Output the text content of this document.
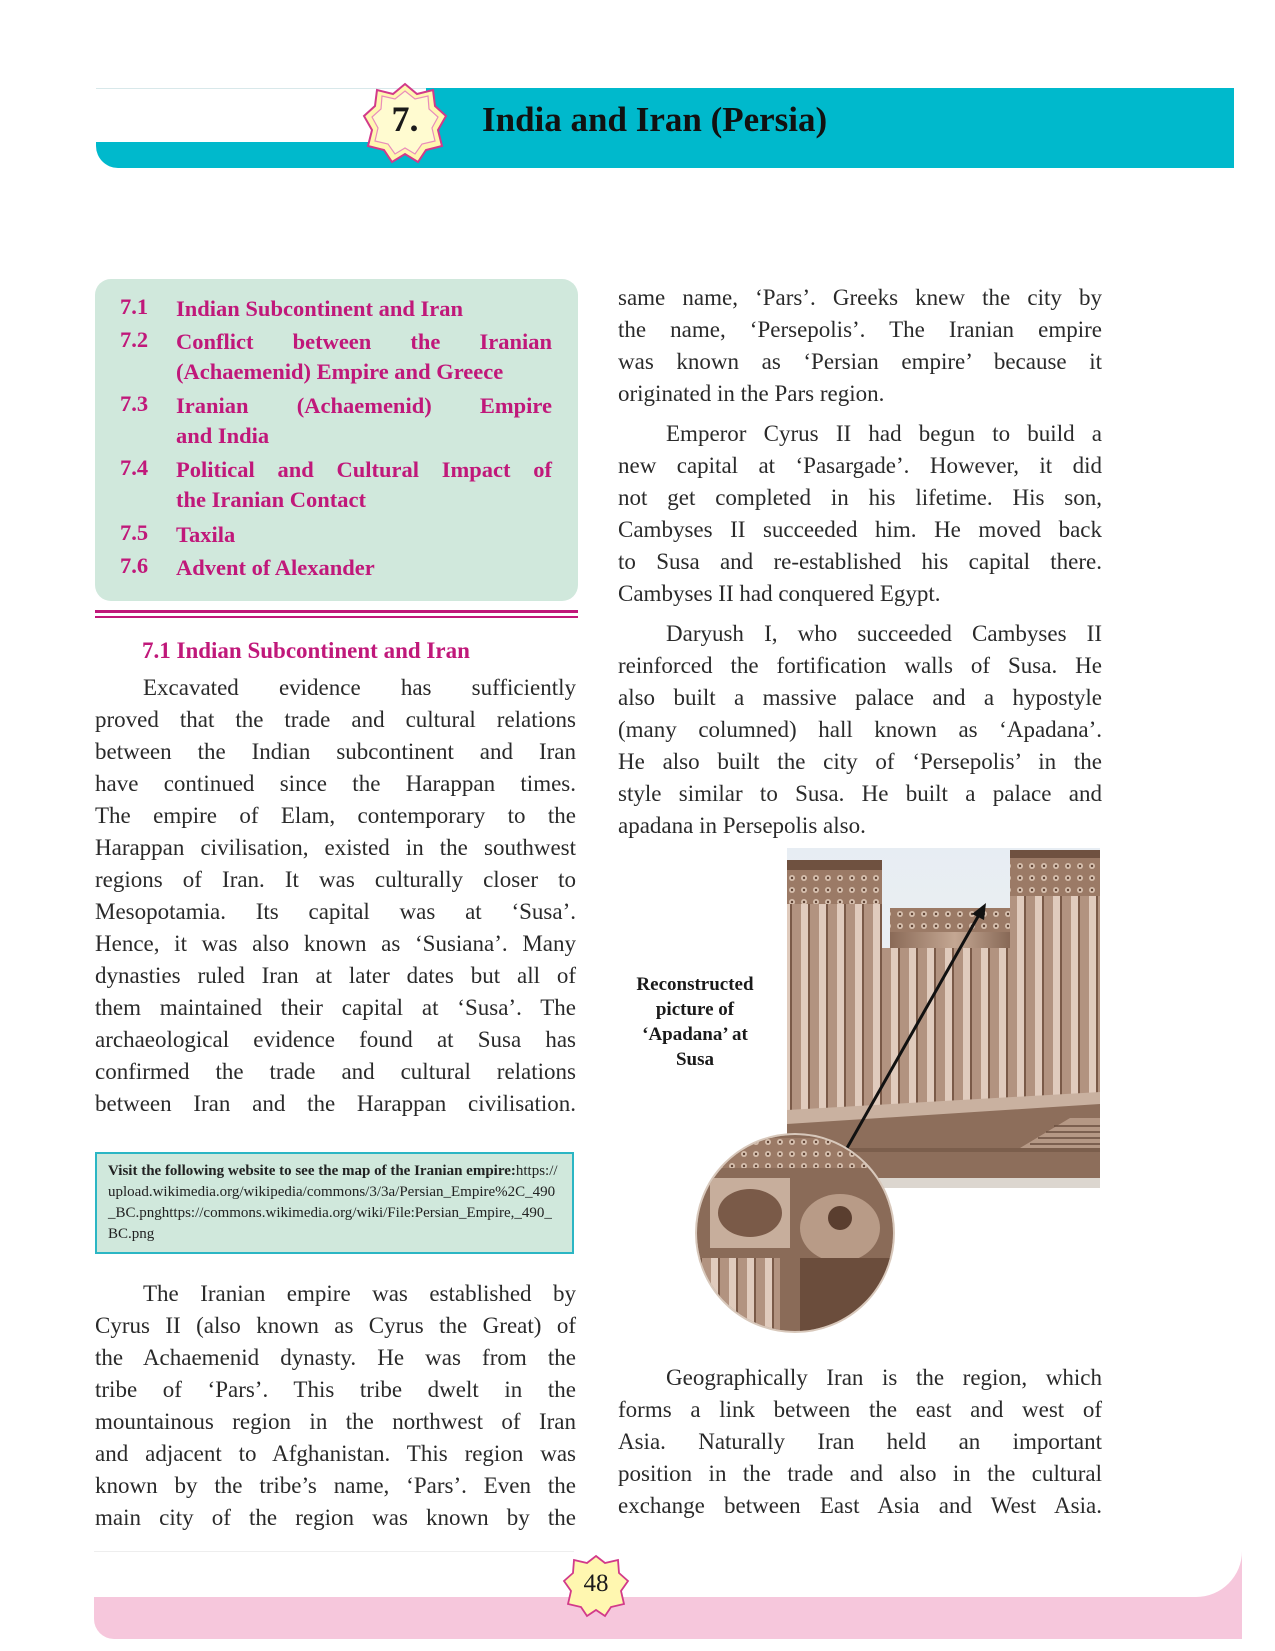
7.	India and Iran (Persia)
7.1	Indian Subcontinent and Iran
7.2	Conflict between the Iranian
(Achaemenid) Empire and Greece
7.3	Iranian (Achaemenid) Empire
and India
7.4	Political and Cultural Impact of
the Iranian Contact
7.5	Taxila
7.6	Advent of Alexander
7.1 Indian Subcontinent and Iran
Excavated evidence has sufficiently
proved that the trade and cultural relations
between the Indian subcontinent and Iran
have continued since the Harappan times.
The empire of Elam, contemporary to the
Harappan civilisation, existed in the southwest
regions of Iran. It was culturally closer to
Mesopotamia. Its capital was at ‘Susa’.
Hence, it was also known as ‘Susiana’. Many
dynasties ruled Iran at later dates but all of
them maintained their capital at ‘Susa’. The
archaeological evidence found at Susa has
confirmed the trade and cultural relations
between Iran and the Harappan civilisation.
Visit the following website to see the map of the Iranian empire:https://upload.wikimedia.org/wikipedia/commons/3/3a/Persian_Empire%2C_490_BC.pnghttps://commons.wikimedia.org/wiki/File:Persian_Empire,_490_BC.png
The Iranian empire was established by
Cyrus II (also known as Cyrus the Great) of
the Achaemenid dynasty. He was from the
tribe of ‘Pars’. This tribe dwelt in the
mountainous region in the northwest of Iran
and adjacent to Afghanistan. This region was
known by the tribe’s name, ‘Pars’. Even the
main city of the region was known by the
same name, ‘Pars’. Greeks knew the city by
the name, ‘Persepolis’. The Iranian empire
was known as ‘Persian empire’ because it
originated in the Pars region.
Emperor Cyrus II had begun to build a
new capital at ‘Pasargade’. However, it did
not get completed in his lifetime. His son,
Cambyses II succeeded him. He moved back
to Susa and re-established his capital there.
Cambyses II had conquered Egypt.
Daryush I, who succeeded Cambyses II
reinforced the fortification walls of Susa. He
also built a massive palace and a hypostyle
(many columned) hall known as ‘Apadana’.
He also built the city of ‘Persepolis’ in the
style similar to Susa. He built a palace and
apadana in Persepolis also.
Reconstructed
picture of
‘Apadana’ at
Susa
Geographically Iran is the region, which
forms a link between the east and west of
Asia. Naturally Iran held an important
position in the trade and also in the cultural
exchange between East Asia and West Asia.
48
